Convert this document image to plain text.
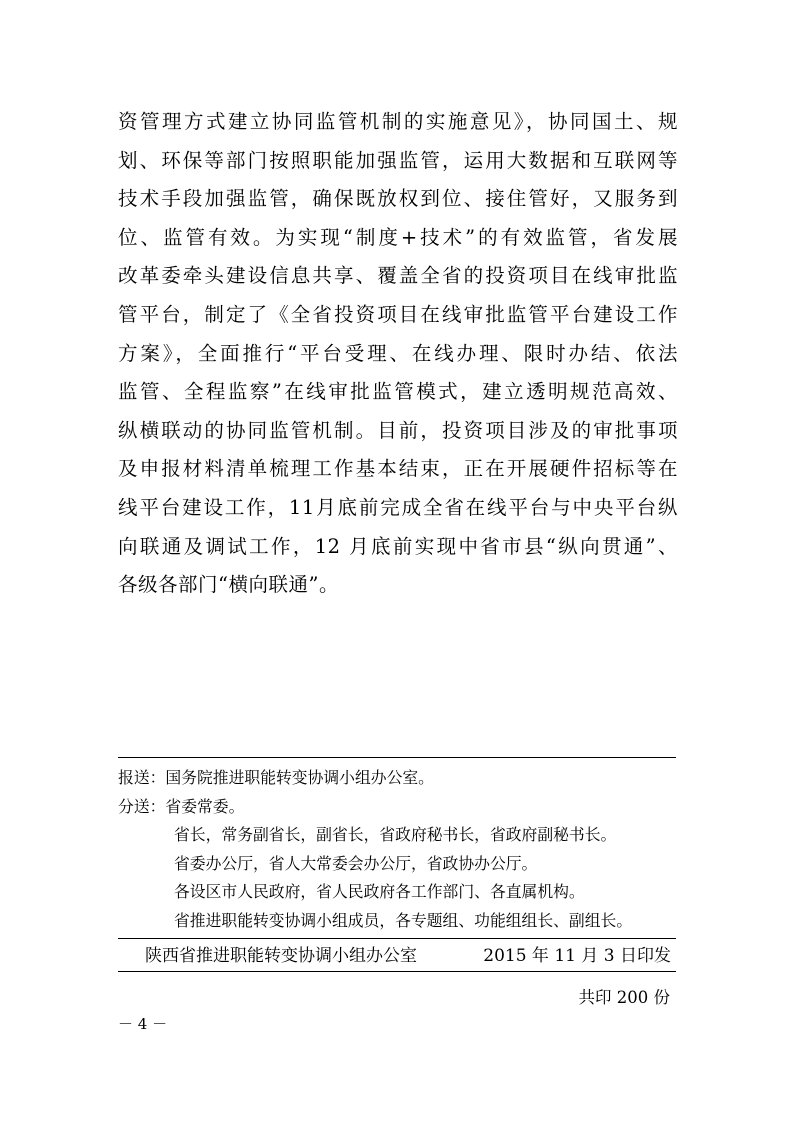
资管理方式建立协同监管机制的实施意见》，协同国土、规
划、环保等部门按照职能加强监管，运用大数据和互联网等
技术手段加强监管，确保既放权到位、接住管好，又服务到
位、监管有效。为实现“制度+技术”的有效监管，省发展
改革委牵头建设信息共享、覆盖全省的投资项目在线审批监
管平台，制定了《全省投资项目在线审批监管平台建设工作
方案》，全面推行“平台受理、在线办理、限时办结、依法
监管、全程监察”在线审批监管模式，建立透明规范高效、
纵横联动的协同监管机制。目前，投资项目涉及的审批事项
及申报材料清单梳理工作基本结束，正在开展硬件招标等在
线平台建设工作，11月底前完成全省在线平台与中央平台纵
向联通及调试工作，12 月底前实现中省市县“纵向贯通”、
各级各部门“横向联通”。
报送：国务院推进职能转变协调小组办公室。
分送：省委常委。
省长，常务副省长，副省长，省政府秘书长，省政府副秘书长。
省委办公厅，省人大常委会办公厅，省政协办公厅。
各设区市人民政府，省人民政府各工作部门、各直属机构。
省推进职能转变协调小组成员，各专题组、功能组组长、副组长。
陕西省推进职能转变协调小组办公室	2015 年 11 月 3 日印发
共印 200 份
－ 4 －
